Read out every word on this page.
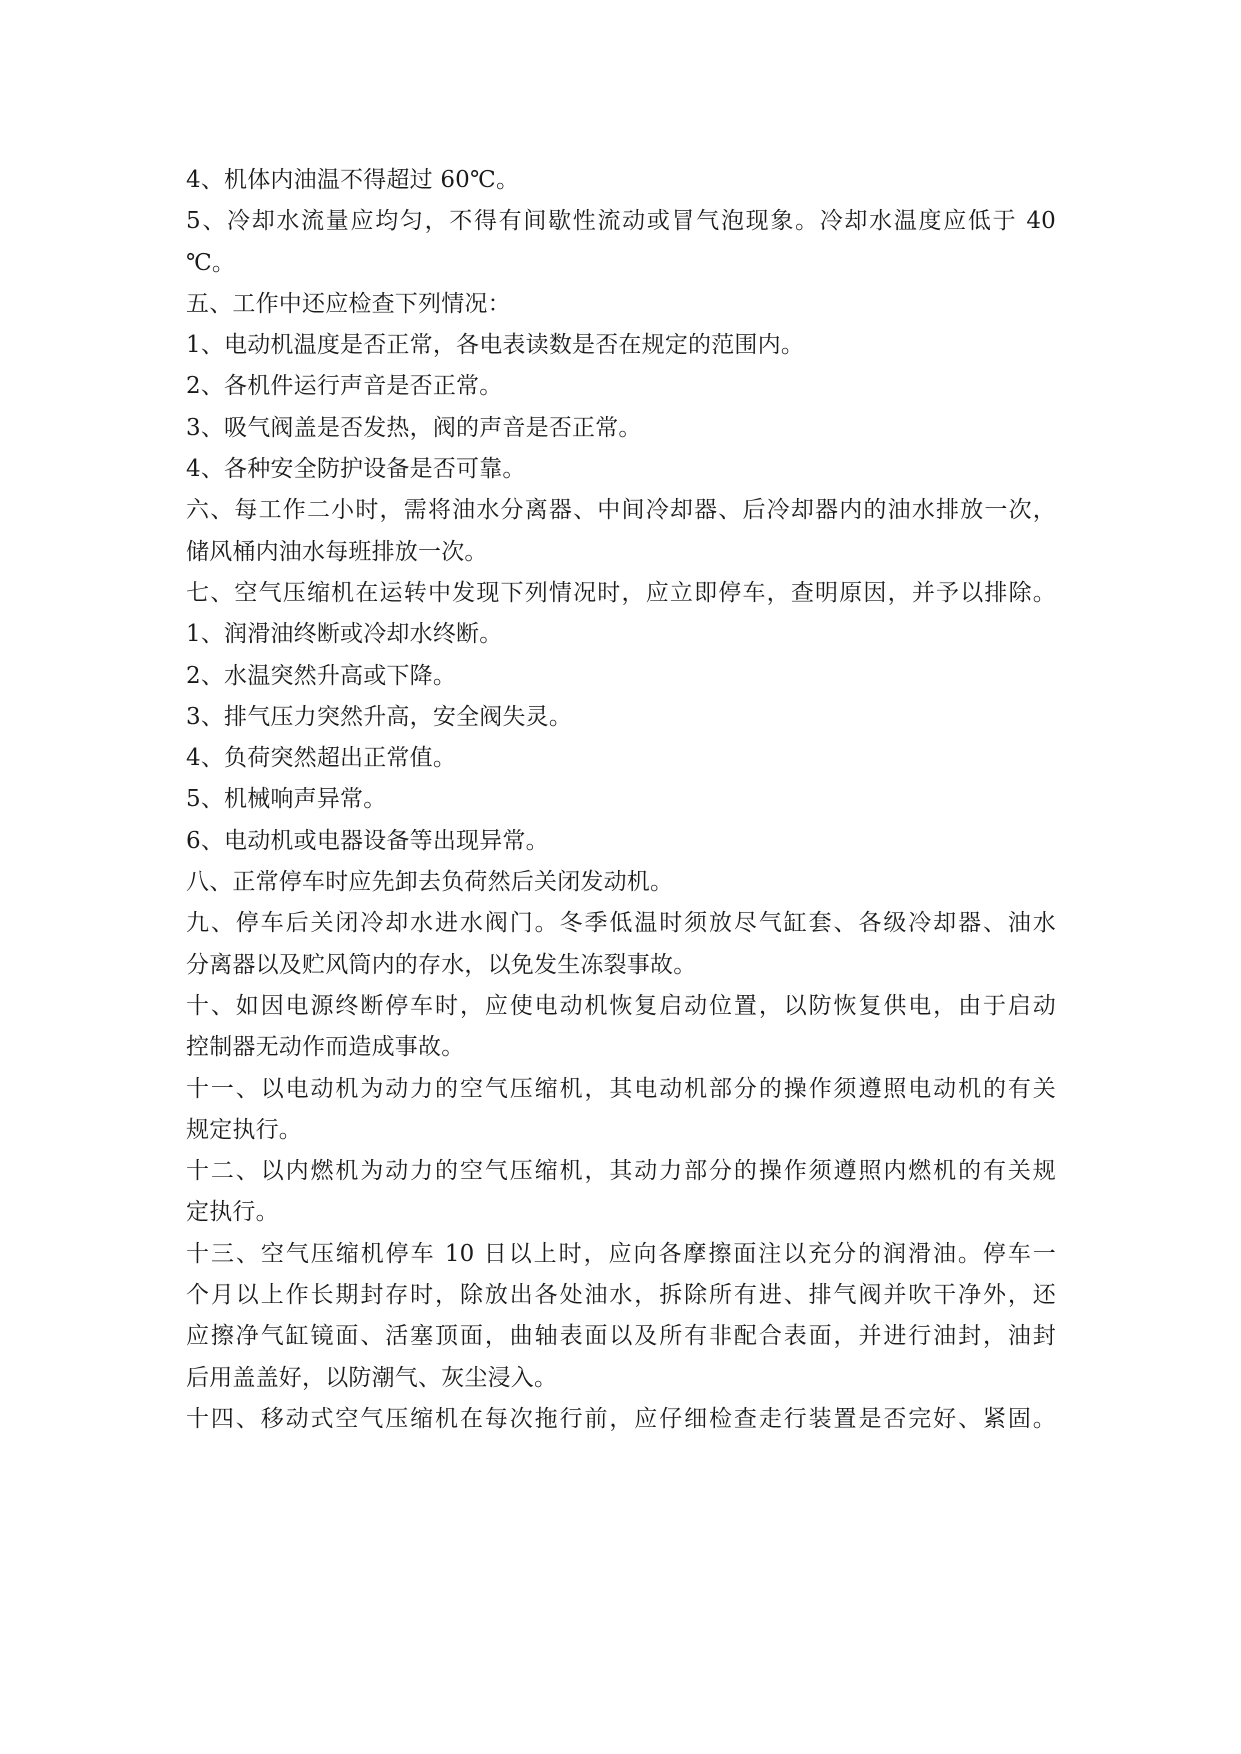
4、机体内油温不得超过 60℃。
5、冷却水流量应均匀，不得有间歇性流动或冒气泡现象。冷却水温度应低于 40
℃。
五、工作中还应检查下列情况：
1、电动机温度是否正常，各电表读数是否在规定的范围内。
2、各机件运行声音是否正常。
3、吸气阀盖是否发热，阀的声音是否正常。
4、各种安全防护设备是否可靠。
六、每工作二小时，需将油水分离器、中间冷却器、后冷却器内的油水排放一次，
储风桶内油水每班排放一次。
七、空气压缩机在运转中发现下列情况时，应立即停车，查明原因，并予以排除。
1、润滑油终断或冷却水终断。
2、水温突然升高或下降。
3、排气压力突然升高，安全阀失灵。
4、负荷突然超出正常值。
5、机械响声异常。
6、电动机或电器设备等出现异常。
八、正常停车时应先卸去负荷然后关闭发动机。
九、停车后关闭冷却水进水阀门。冬季低温时须放尽气缸套、各级冷却器、油水
分离器以及贮风筒内的存水，以免发生冻裂事故。
十、如因电源终断停车时，应使电动机恢复启动位置，以防恢复供电，由于启动
控制器无动作而造成事故。
十一、以电动机为动力的空气压缩机，其电动机部分的操作须遵照电动机的有关
规定执行。
十二、以内燃机为动力的空气压缩机，其动力部分的操作须遵照内燃机的有关规
定执行。
十三、空气压缩机停车 10 日以上时，应向各摩擦面注以充分的润滑油。停车一
个月以上作长期封存时，除放出各处油水，拆除所有进、排气阀并吹干净外，还
应擦净气缸镜面、活塞顶面，曲轴表面以及所有非配合表面，并进行油封，油封
后用盖盖好，以防潮气、灰尘浸入。
十四、移动式空气压缩机在每次拖行前，应仔细检查走行装置是否完好、紧固。
